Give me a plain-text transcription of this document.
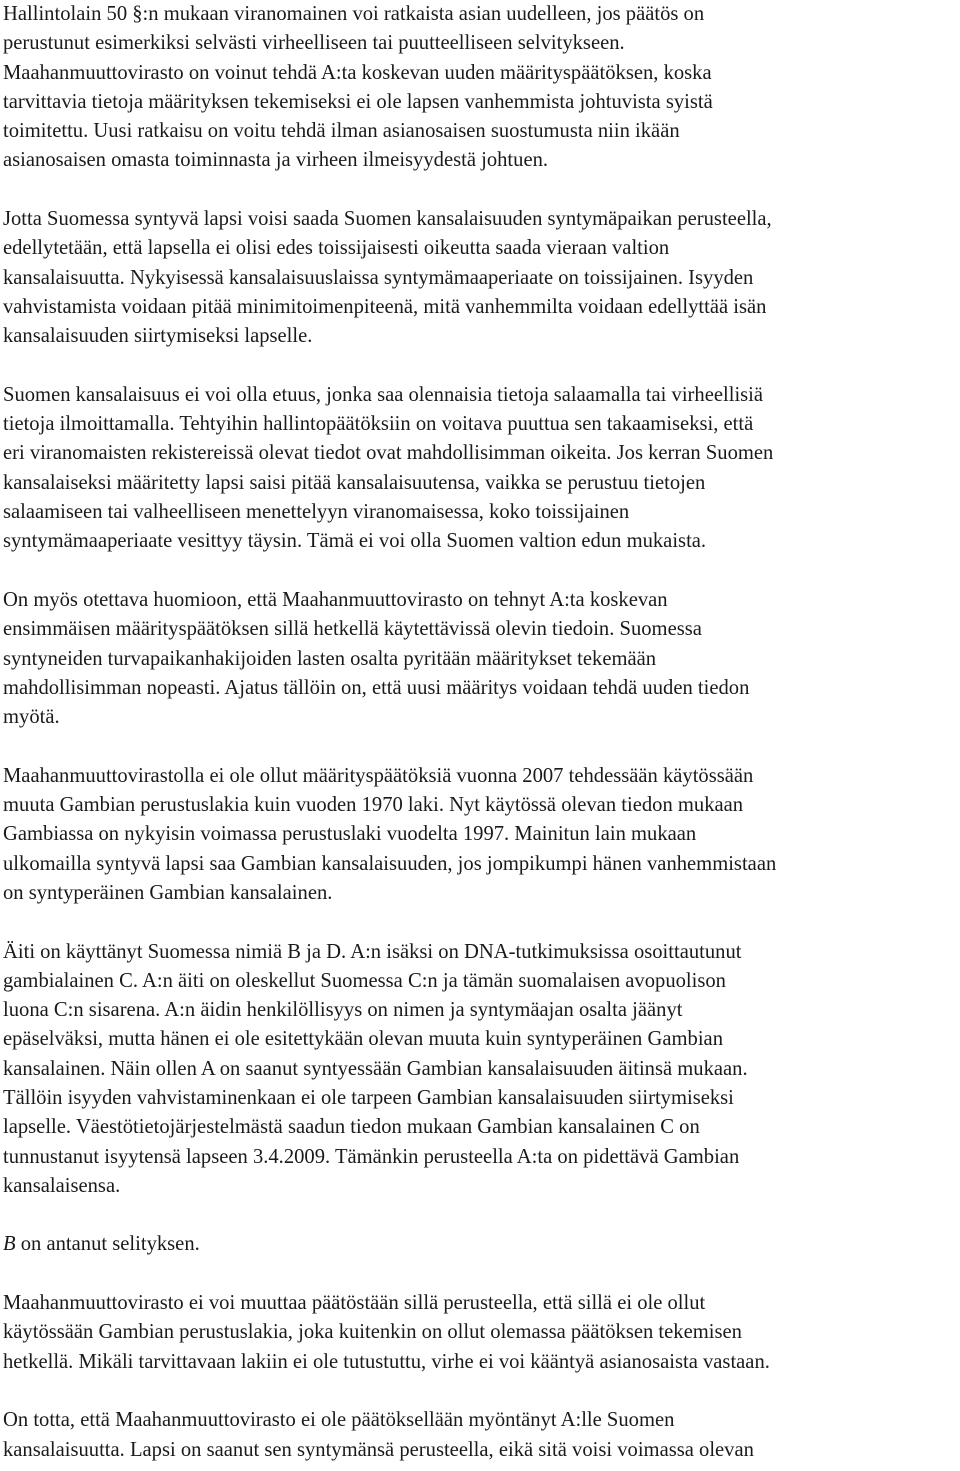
Hallintolain 50 §:n mukaan viranomainen voi ratkaista asian uudelleen, jos päätös on
perustunut esimerkiksi selvästi virheelliseen tai puutteelliseen selvitykseen.
Maahanmuuttovirasto on voinut tehdä A:ta koskevan uuden määrityspäätöksen, koska
tarvittavia tietoja määrityksen tekemiseksi ei ole lapsen vanhemmista johtuvista syistä
toimitettu. Uusi ratkaisu on voitu tehdä ilman asianosaisen suostumusta niin ikään
asianosaisen omasta toiminnasta ja virheen ilmeisyydestä johtuen.
Jotta Suomessa syntyvä lapsi voisi saada Suomen kansalaisuuden syntymäpaikan perusteella,
edellytetään, että lapsella ei olisi edes toissijaisesti oikeutta saada vieraan valtion
kansalaisuutta. Nykyisessä kansalaisuuslaissa syntymämaaperiaate on toissijainen. Isyyden
vahvistamista voidaan pitää minimitoimenpiteenä, mitä vanhemmilta voidaan edellyttää isän
kansalaisuuden siirtymiseksi lapselle.
Suomen kansalaisuus ei voi olla etuus, jonka saa olennaisia tietoja salaamalla tai virheellisiä
tietoja ilmoittamalla. Tehtyihin hallintopäätöksiin on voitava puuttua sen takaamiseksi, että
eri viranomaisten rekistereissä olevat tiedot ovat mahdollisimman oikeita. Jos kerran Suomen
kansalaiseksi määritetty lapsi saisi pitää kansalaisuutensa, vaikka se perustuu tietojen
salaamiseen tai valheelliseen menettelyyn viranomaisessa, koko toissijainen
syntymämaaperiaate vesittyy täysin. Tämä ei voi olla Suomen valtion edun mukaista.
On myös otettava huomioon, että Maahanmuuttovirasto on tehnyt A:ta koskevan
ensimmäisen määrityspäätöksen sillä hetkellä käytettävissä olevin tiedoin. Suomessa
syntyneiden turvapaikanhakijoiden lasten osalta pyritään määritykset tekemään
mahdollisimman nopeasti. Ajatus tällöin on, että uusi määritys voidaan tehdä uuden tiedon
myötä.
Maahanmuuttovirastolla ei ole ollut määrityspäätöksiä vuonna 2007 tehdessään käytössään
muuta Gambian perustuslakia kuin vuoden 1970 laki. Nyt käytössä olevan tiedon mukaan
Gambiassa on nykyisin voimassa perustuslaki vuodelta 1997. Mainitun lain mukaan
ulkomailla syntyvä lapsi saa Gambian kansalaisuuden, jos jompikumpi hänen vanhemmistaan
on syntyperäinen Gambian kansalainen.
Äiti on käyttänyt Suomessa nimiä B ja D. A:n isäksi on DNA-tutkimuksissa osoittautunut
gambialainen C. A:n äiti on oleskellut Suomessa C:n ja tämän suomalaisen avopuolison
luona C:n sisarena. A:n äidin henkilöllisyys on nimen ja syntymäajan osalta jäänyt
epäselväksi, mutta hänen ei ole esitettykään olevan muuta kuin syntyperäinen Gambian
kansalainen. Näin ollen A on saanut syntyessään Gambian kansalaisuuden äitinsä mukaan.
Tällöin isyyden vahvistaminenkaan ei ole tarpeen Gambian kansalaisuuden siirtymiseksi
lapselle. Väestötietojärjestelmästä saadun tiedon mukaan Gambian kansalainen C on
tunnustanut isyytensä lapseen 3.4.2009. Tämänkin perusteella A:ta on pidettävä Gambian
kansalaisensa.
B on antanut selityksen.
Maahanmuuttovirasto ei voi muuttaa päätöstään sillä perusteella, että sillä ei ole ollut
käytössään Gambian perustuslakia, joka kuitenkin on ollut olemassa päätöksen tekemisen
hetkellä. Mikäli tarvittavaan lakiin ei ole tutustuttu, virhe ei voi kääntyä asianosaista vastaan.
On totta, että Maahanmuuttovirasto ei ole päätöksellään myöntänyt A:lle Suomen
kansalaisuutta. Lapsi on saanut sen syntymänsä perusteella, eikä sitä voisi voimassa olevan
